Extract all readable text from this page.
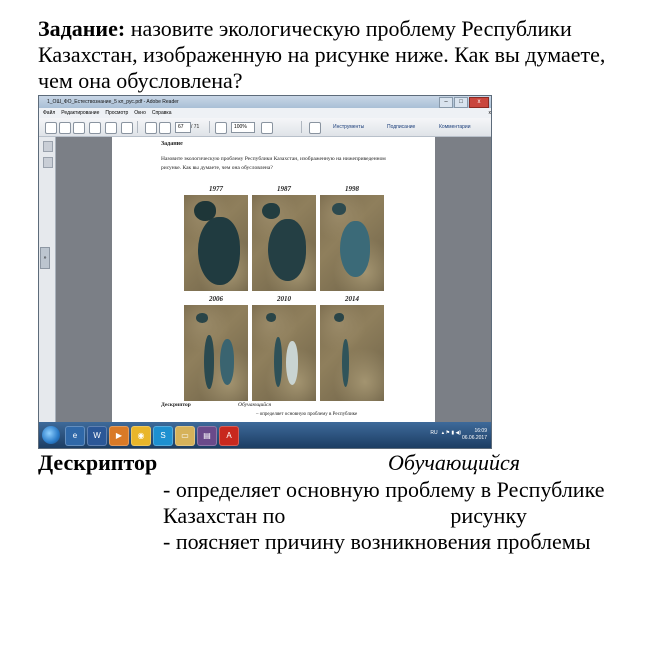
Задание: назовите экологическую проблему Республики Казахстан, изображенную на рисунке ниже. Как вы думаете, чем она обусловлена?
1_ОШ_ФО_Естествознание_5 кл_рус.pdf - Adobe Reader	–	□	x
Файл Редактирование Просмотр Окно Справка	x
67	/ 71	100%	Инструменты	Подписание	Комментарии
»
Задание
Назовите экологическую проблему Республики Казахстан, изображенную на нижеприведенном рисунке. Как вы думаете, чем она обусловлена?
1977	1987	1998
2006	2010	2014
Дескриптор	Обучающийся
– определяет основную проблему в Республике
e	W	▶	◉	S	▭	▤	A	RU ▴ ⚑ ▮ ◀)	16:09
06.06.2017
Дескриптор	Обучающийся
- определяет основную проблему в Республике
Казахстан по                              рисунку
- поясняет причину возникновения проблемы
